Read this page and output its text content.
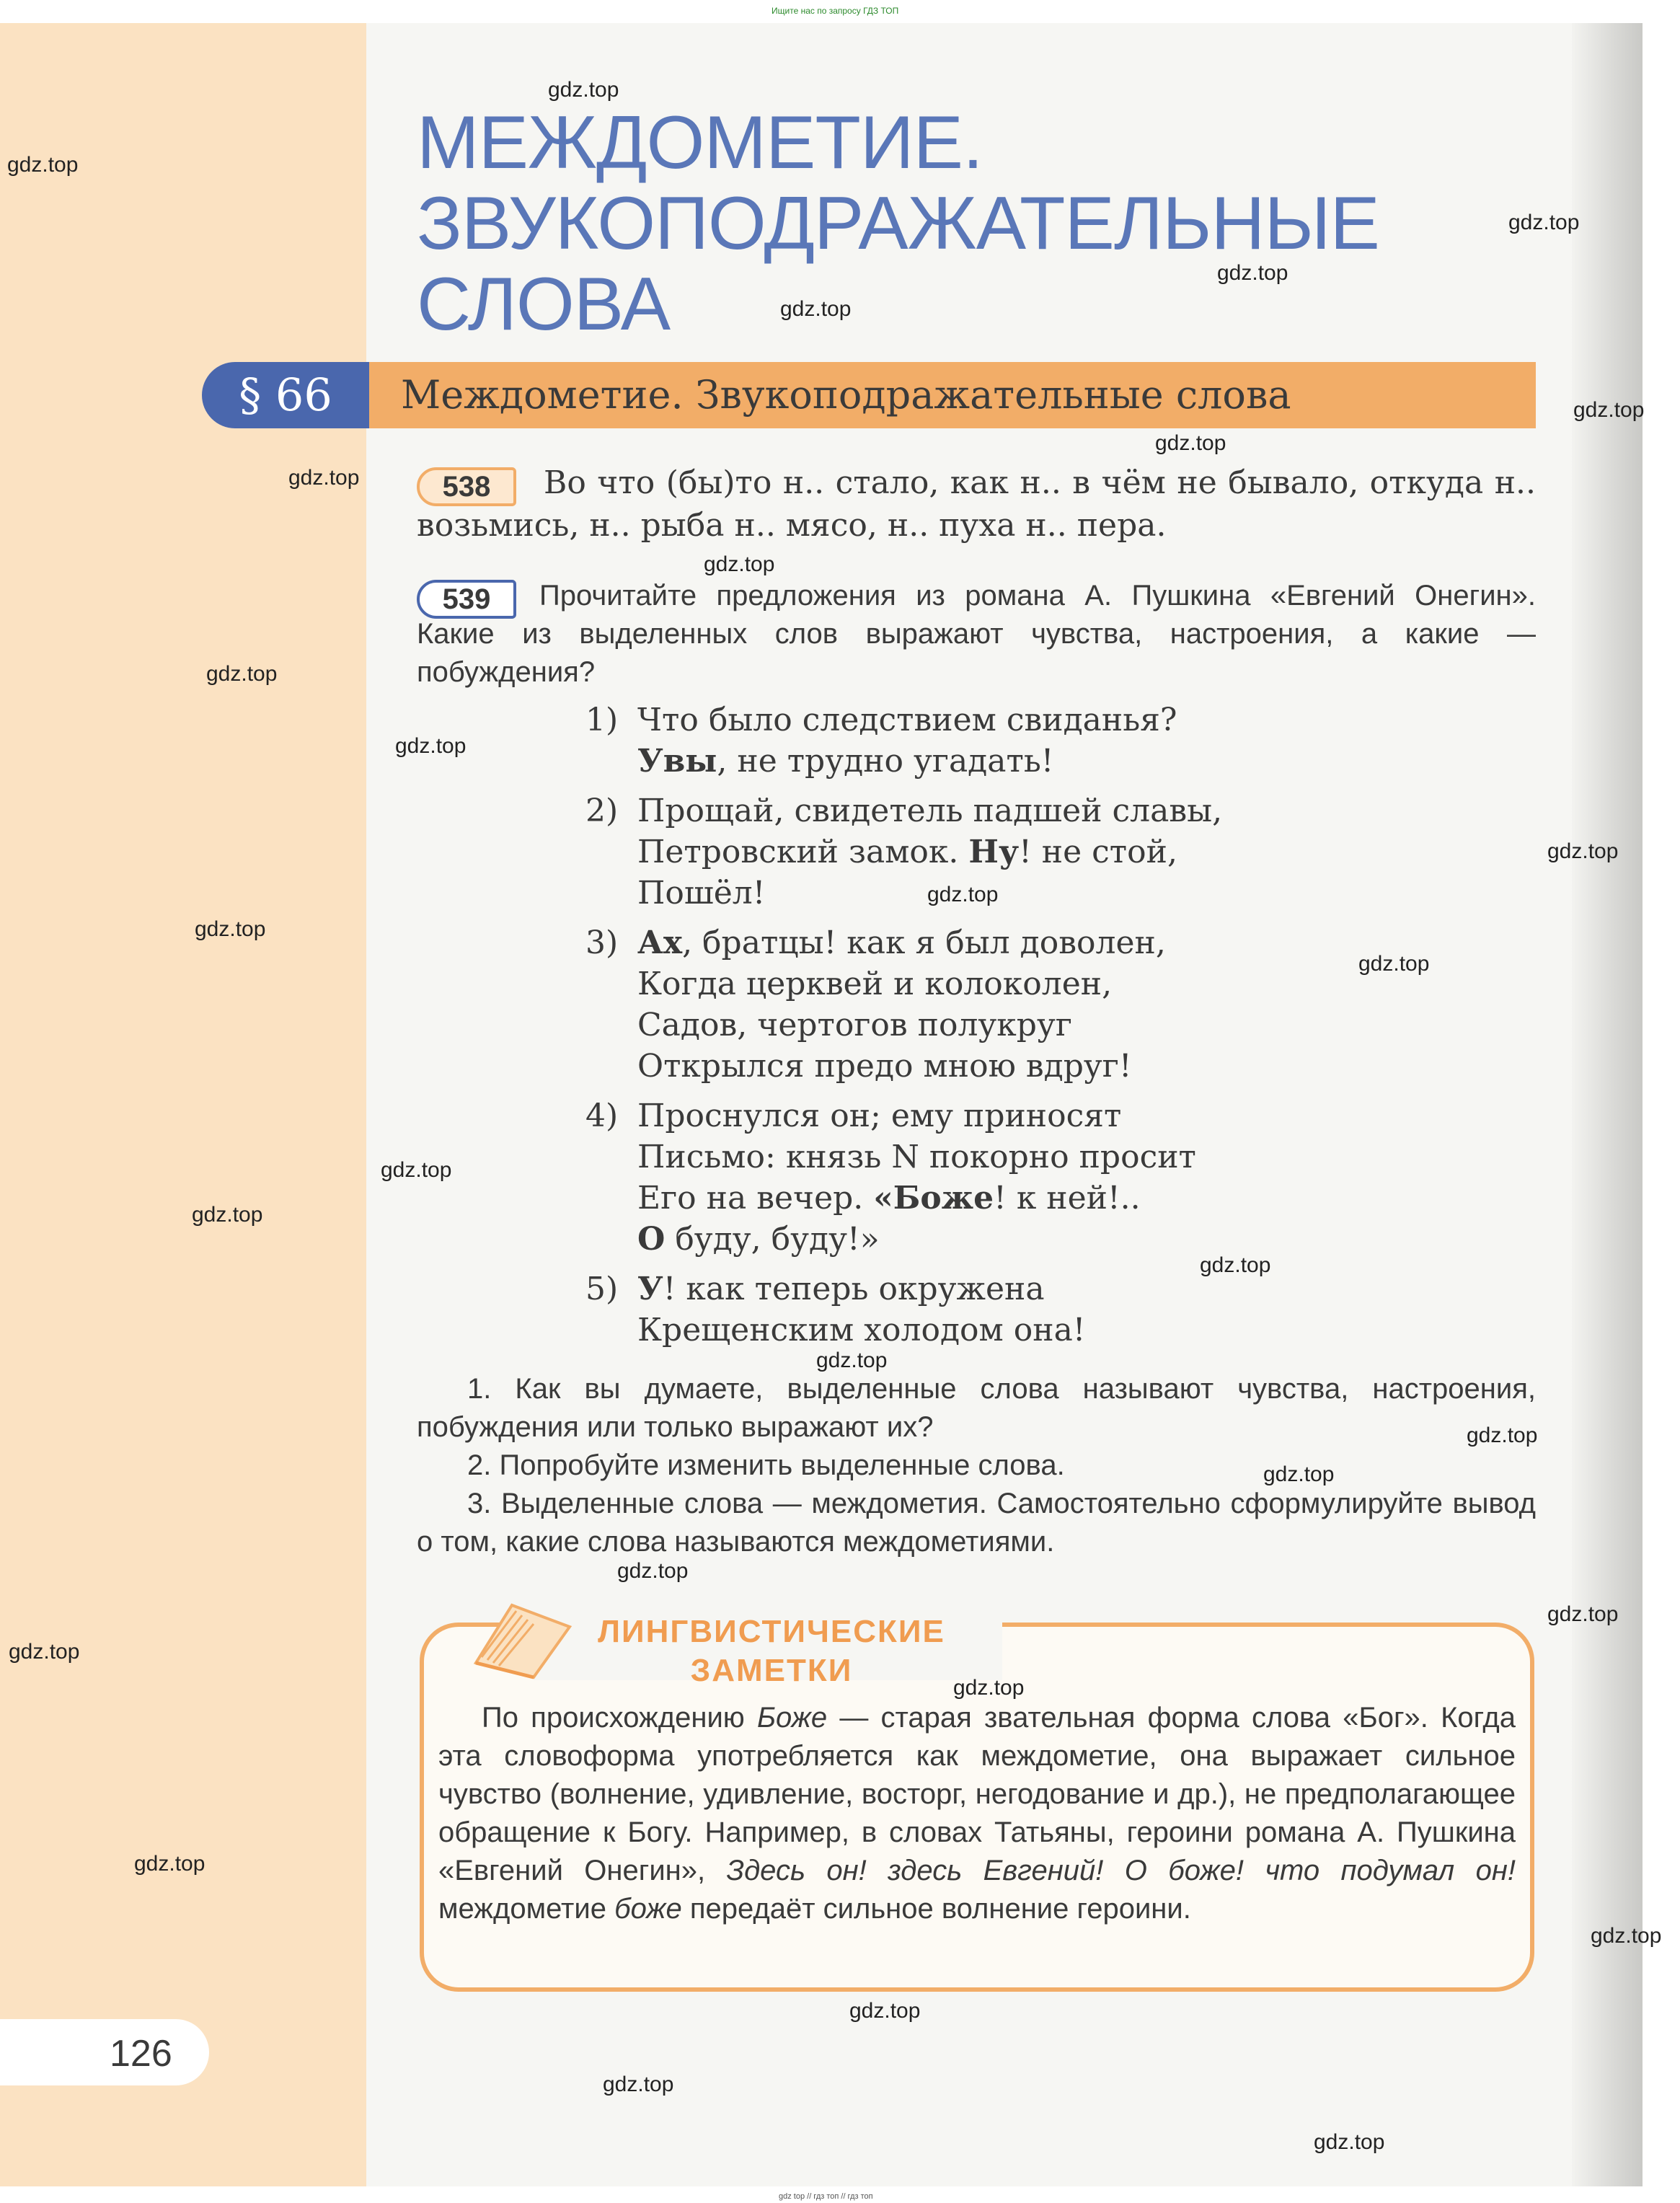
Ищите нас по запросу ГДЗ ТОП
МЕЖДОМЕТИЕ.
ЗВУКОПОДРАЖАТЕЛЬНЫЕ
СЛОВА
§ 66	Междометие. Звукоподражательные слова
538	Во что (бы)то н.. стало, как н.. в чём не бывало, откуда н.. возьмись, н.. рыба н.. мясо, н.. пуха н.. пера.
539	Прочитайте предложения из романа А. Пушкина «Евгений Онегин». Какие из выделенных слов выражают чувства, настроения, а какие — побуждения?
1) Что было следствием свиданья?
Увы, не трудно угадать!
2) Прощай, свидетель падшей славы,
Петровский замок. Ну! не стой,
Пошёл!
3) Ах, братцы! как я был доволен,
Когда церквей и колоколен,
Садов, чертогов полукруг
Открылся предо мною вдруг!
4) Проснулся он; ему приносят
Письмо: князь N покорно просит
Его на вечер. «Боже! к ней!..
О буду, буду!»
5) У! как теперь окружена
Крещенским холодом она!

1. Как вы думаете, выделенные слова называют чувства, настроения, побуждения или только выражают их?

2. Попробуйте изменить выделенные слова.

3. Выделенные слова — междометия. Самостоятельно сформулируйте вывод о том, какие слова называются междометиями.

ЛИНГВИСТИЧЕСКИЕ
ЗАМЕТКИ
По происхождению Боже — старая звательная форма слова «Бог». Когда эта словоформа употребляется как междометие, она выражает сильное чувство (волнение, удивление, восторг, негодование и др.), не предполагающее обращение к Богу. Например, в словах Татьяны, героини романа А. Пушкина «Евгений Онегин», Здесь он! здесь Евгений! О боже! что подумал он! междометие боже передаёт сильное волнение героини.
126
gdz.top
gdz.top
gdz.top
gdz.top
gdz.top
gdz.top
gdz.top
gdz.top
gdz.top
gdz.top
gdz.top
gdz.top
gdz.top
gdz.top
gdz.top
gdz.top
gdz.top
gdz.top
gdz.top
gdz.top
gdz.top
gdz.top
gdz.top
gdz.top
gdz.top
gdz.top
gdz.top
gdz.top
gdz.top
gdz.top
gdz top // гдз топ // гдз топ
